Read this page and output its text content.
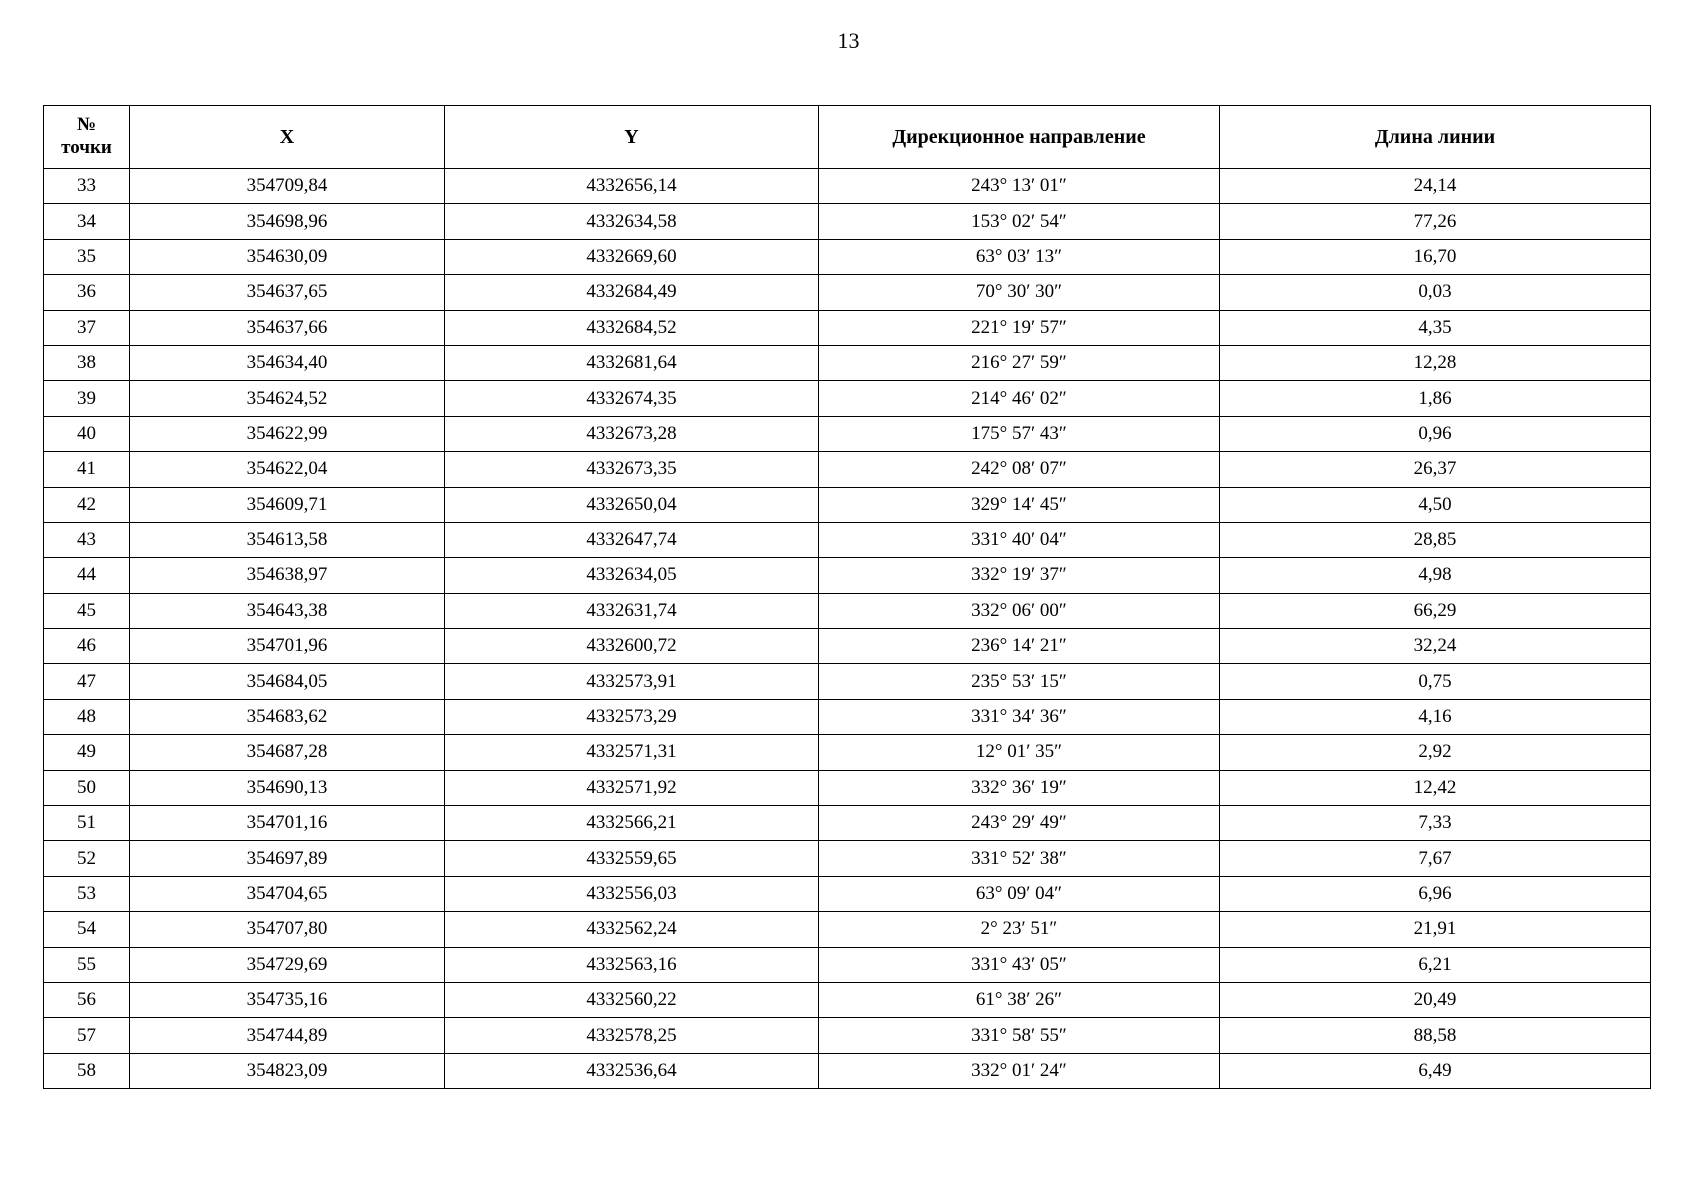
13
№
точки	X	Y	Дирекционное направление	Длина линии
33	354709,84	4332656,14	243° 13′ 01″	24,14
34	354698,96	4332634,58	153° 02′ 54″	77,26
35	354630,09	4332669,60	63° 03′ 13″	16,70
36	354637,65	4332684,49	70° 30′ 30″	0,03
37	354637,66	4332684,52	221° 19′ 57″	4,35
38	354634,40	4332681,64	216° 27′ 59″	12,28
39	354624,52	4332674,35	214° 46′ 02″	1,86
40	354622,99	4332673,28	175° 57′ 43″	0,96
41	354622,04	4332673,35	242° 08′ 07″	26,37
42	354609,71	4332650,04	329° 14′ 45″	4,50
43	354613,58	4332647,74	331° 40′ 04″	28,85
44	354638,97	4332634,05	332° 19′ 37″	4,98
45	354643,38	4332631,74	332° 06′ 00″	66,29
46	354701,96	4332600,72	236° 14′ 21″	32,24
47	354684,05	4332573,91	235° 53′ 15″	0,75
48	354683,62	4332573,29	331° 34′ 36″	4,16
49	354687,28	4332571,31	12° 01′ 35″	2,92
50	354690,13	4332571,92	332° 36′ 19″	12,42
51	354701,16	4332566,21	243° 29′ 49″	7,33
52	354697,89	4332559,65	331° 52′ 38″	7,67
53	354704,65	4332556,03	63° 09′ 04″	6,96
54	354707,80	4332562,24	2° 23′ 51″	21,91
55	354729,69	4332563,16	331° 43′ 05″	6,21
56	354735,16	4332560,22	61° 38′ 26″	20,49
57	354744,89	4332578,25	331° 58′ 55″	88,58
58	354823,09	4332536,64	332° 01′ 24″	6,49
